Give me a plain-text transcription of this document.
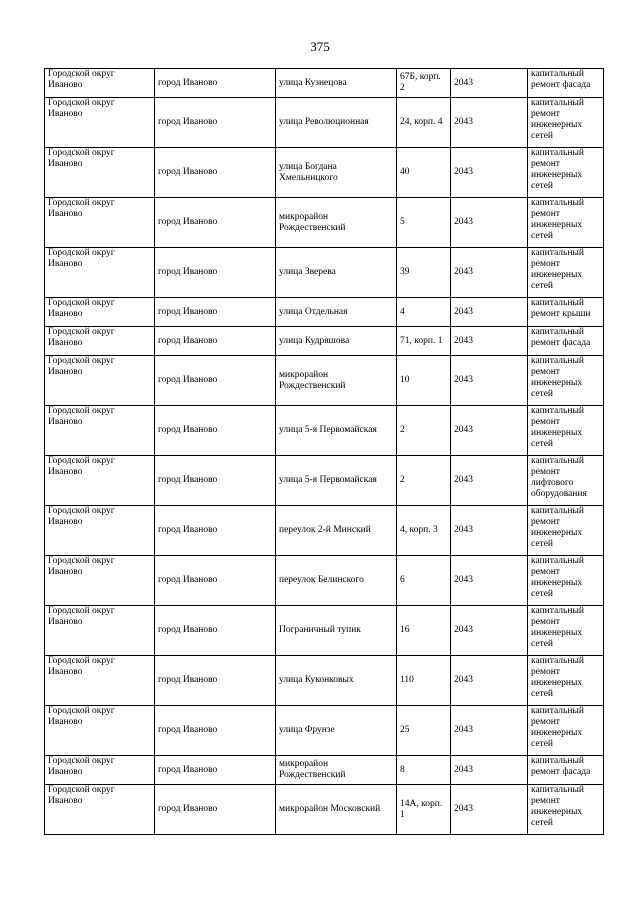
375
Городской округ Иваново	город Иваново	улица Кузнецова	67Б, корп. 2	2043	капитальный ремонт фасада
Городской округ Иваново	город Иваново	улица Революционная	24, корп. 4	2043	капитальный ремонт инженерных сетей
Городской округ Иваново	город Иваново	улица Богдана Хмельницкого	40	2043	капитальный ремонт инженерных сетей
Городской округ Иваново	город Иваново	микрорайон Рождественский	5	2043	капитальный ремонт инженерных сетей
Городской округ Иваново	город Иваново	улица Зверева	39	2043	капитальный ремонт инженерных сетей
Городской округ Иваново	город Иваново	улица Отдельная	4	2043	капитальный ремонт крыши
Городской округ Иваново	город Иваново	улица Кудряшова	71, корп. 1	2043	капитальный ремонт фасада
Городской округ Иваново	город Иваново	микрорайон Рождественский	10	2043	капитальный ремонт инженерных сетей
Городской округ Иваново	город Иваново	улица 5-я Первомайская	2	2043	капитальный ремонт инженерных сетей
Городской округ Иваново	город Иваново	улица 5-я Первомайская	2	2043	капитальный ремонт лифтового оборудования
Городской округ Иваново	город Иваново	переулок 2-й Минский	4, корп. 3	2043	капитальный ремонт инженерных сетей
Городской округ Иваново	город Иваново	переулок Белинского	6	2043	капитальный ремонт инженерных сетей
Городской округ Иваново	город Иваново	Пограничный тупик	16	2043	капитальный ремонт инженерных сетей
Городской округ Иваново	город Иваново	улица Куконковых	110	2043	капитальный ремонт инженерных сетей
Городской округ Иваново	город Иваново	улица Фрунзе	25	2043	капитальный ремонт инженерных сетей
Городской округ Иваново	город Иваново	микрорайон Рождественский	8	2043	капитальный ремонт фасада
Городской округ Иваново	город Иваново	микрорайон Московский	14А, корп. 1	2043	капитальный ремонт инженерных сетей
